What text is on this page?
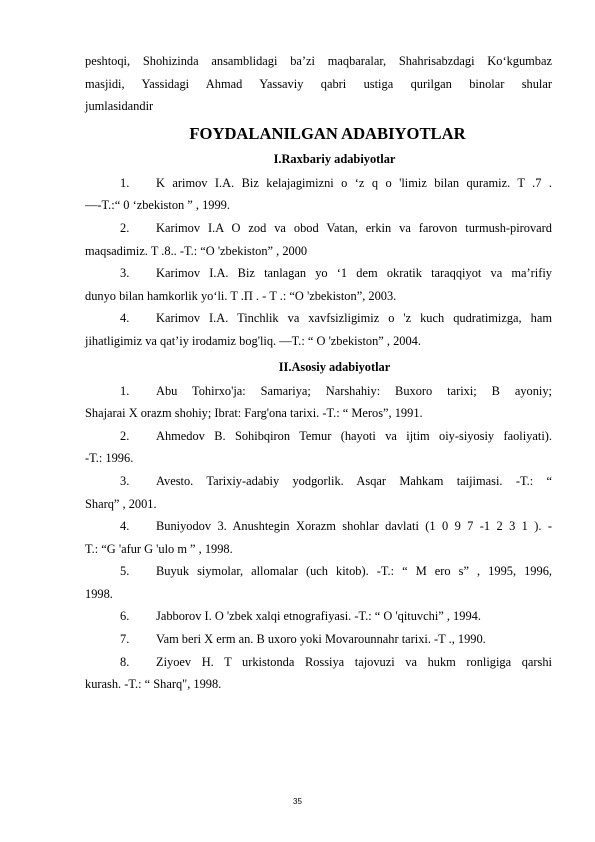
peshtoqi, Shohizinda ansamblidagi ba’zi maqbaralar, Shahrisabzdagi Ko‘kgumbaz

masjidi, Yassidagi Ahmad Yassaviy qabri ustiga qurilgan binolar shular

jumlasidandir

FOYDALANILGAN ADABIYOTLAR
I.Raxbariy adabiyotlar
1.	K arimov I.A. Biz kelajagimizni o ‘z q o 'limiz bilan quramiz. T .7 .
—-T.:“ 0 ‘zbekiston ” , 1999.
2.	Karimov I.A O zod va obod Vatan, erkin va farovon turmush-pirovard
maqsadimiz. T .8.. -T.: “O 'zbekiston” , 2000
3.	Karimov I.A. Biz tanlagan yo ‘1 dem okratik taraqqiyot va ma’rifiy
dunyo bilan hamkorlik yo‘li. T .П . - T .: “O 'zbekiston”, 2003.
4.	Karimov I.A. Tinchlik va xavfsizligimiz o 'z kuch qudratimizga, ham
jihatligimiz va qat’iy irodamiz bog'liq. —T.: “ O 'zbekiston” , 2004.
II.Asosiy adabiyotlar
1.	Abu Tohirxo'ja: Samariya; Narshahiy: Buxoro tarixi; B ayoniy;
Shajarai X orazm shohiy; Ibrat: Farg'ona tarixi. -T.: “ Meros”, 1991.
2.	Ahmedov B. Sohibqiron Temur (hayoti va ijtim oiy-siyosiy faoliyati).
-T.: 1996.
3.	Avesto. Tarixiy-adabiy yodgorlik. Asqar Mahkam taijimasi. -T.: “
Sharq” , 2001.
4.	Buniyodov 3. Anushtegin Xorazm shohlar davlati (1 0 9 7 -1 2 3 1 ). -
T.: “G 'afur G 'ulo m ” , 1998.
5.	Buyuk siymolar, allomalar (uch kitob). -T.: “ M ero s” , 1995, 1996,
1998.
6.	Jabborov I. O 'zbek xalqi etnografiyasi. -T.: “ O 'qituvchi” , 1994.
7.	Vam beri X erm an. B uxoro yoki Movarounnahr tarixi. -T ., 1990.
8.	Ziyoev H. T urkistonda Rossiya tajovuzi va hukm ronligiga qarshi
kurash. -T.: “ Sharq", 1998.
35
